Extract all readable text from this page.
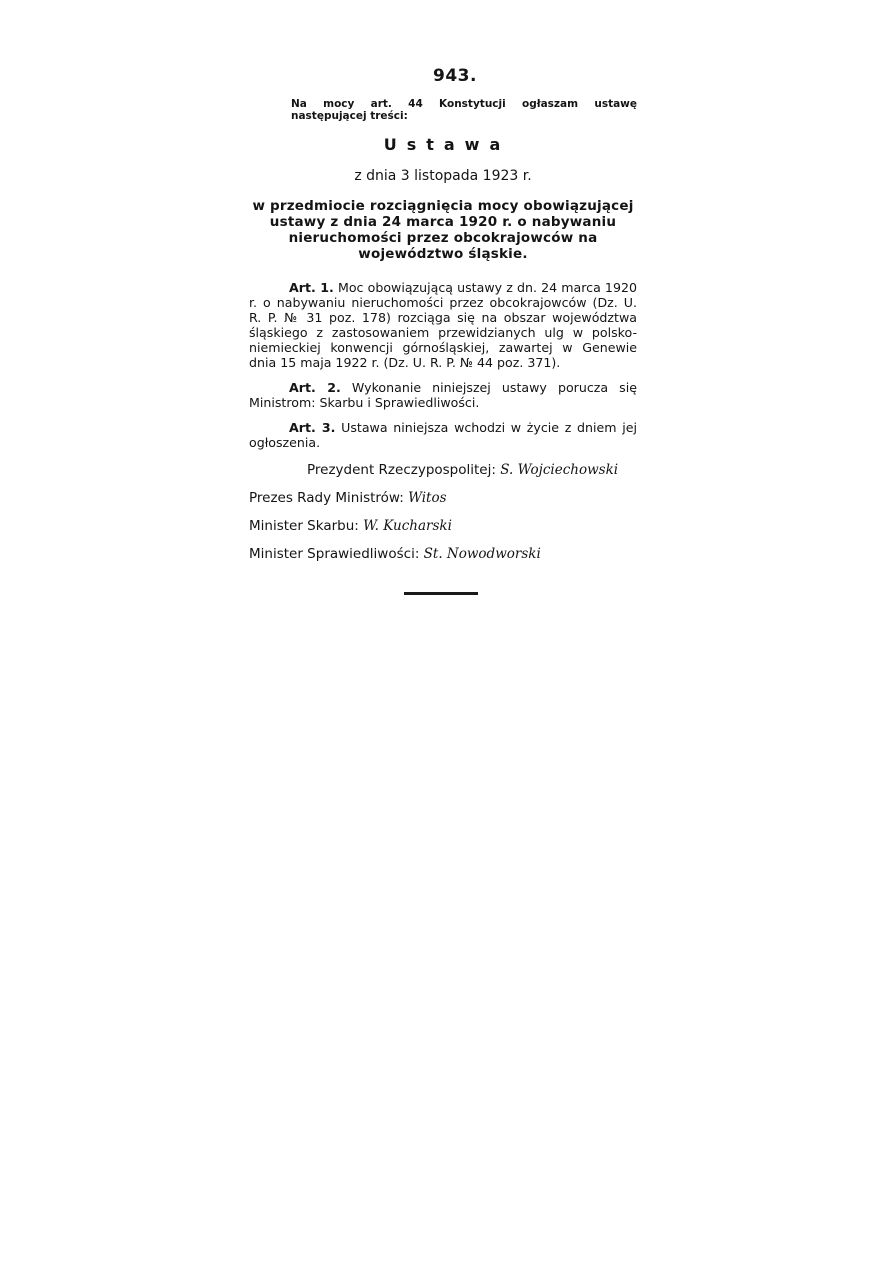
943.
Na mocy art. 44 Konstytucji ogłaszam ustawę następującej treści:
Ustawa
z dnia 3 listopada 1923 r.
w przedmiocie rozciągnięcia mocy obowiązującej ustawy z dnia 24 marca 1920 r. o nabywaniu nieruchomości przez obcokrajowców na województwo śląskie.

Art. 1. Moc obowiązującą ustawy z dn. 24 marca 1920 r. o nabywaniu nieruchomości przez obcokrajowców (Dz. U. R. P. № 31 poz. 178) rozciąga się na obszar województwa śląskiego z zastosowaniem przewidzianych ulg w polsko-niemieckiej konwencji górnośląskiej, zawartej w Genewie dnia 15 maja 1922 r. (Dz. U. R. P. № 44 poz. 371).

Art. 2. Wykonanie niniejszej ustawy porucza się Ministrom: Skarbu i Sprawiedliwości.

Art. 3. Ustawa niniejsza wchodzi w życie z dniem jej ogłoszenia.

Prezydent Rzeczypospolitej: S. Wojciechowski
Prezes Rady Ministrów: Witos
Minister Skarbu: W. Kucharski
Minister Sprawiedliwości: St. Nowodworski
